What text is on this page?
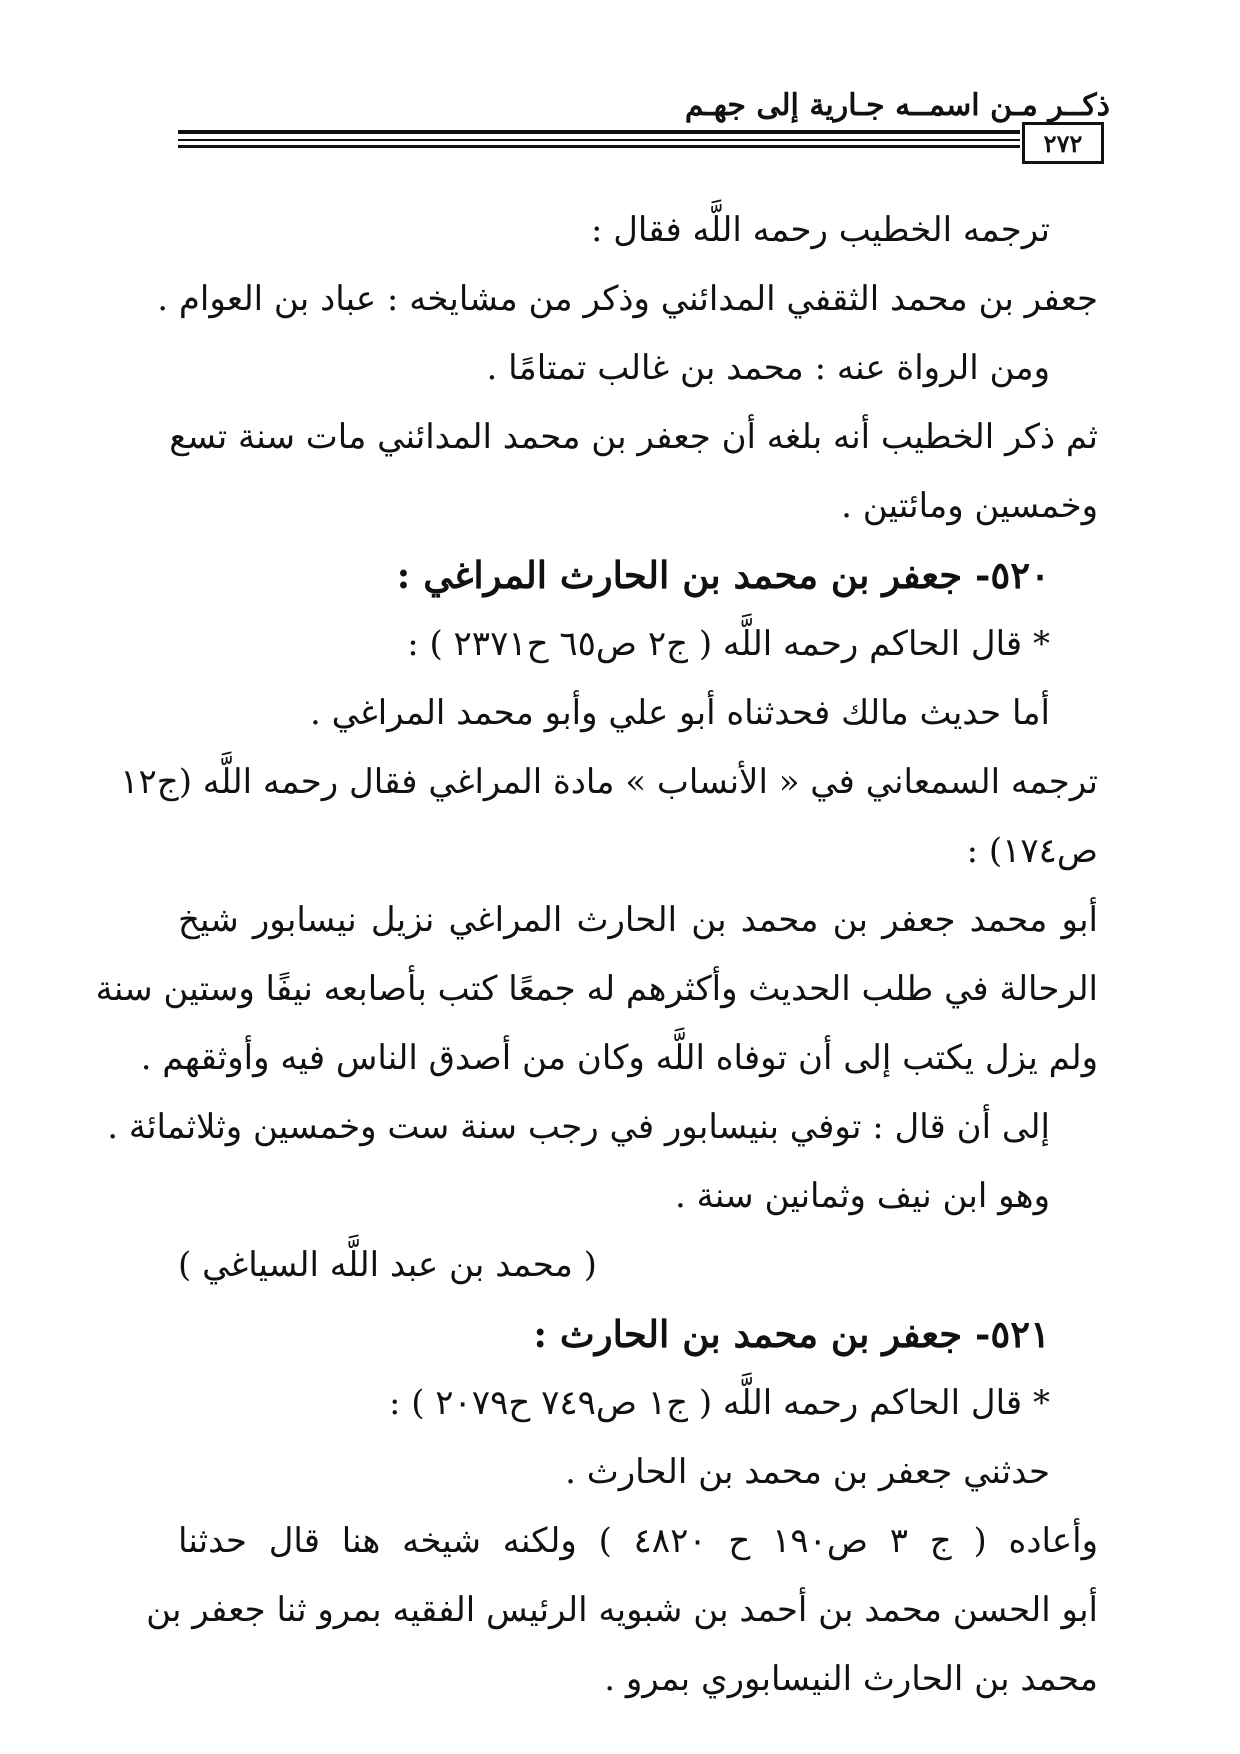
ذكــر مـن اسمــه جـارية إلى جهـم
٢٧٢
ترجمه الخطيب رحمه اللَّه فقال :
جعفر بن محمد الثقفي المدائني وذكر من مشايخه : عباد بن العوام .
ومن الرواة عنه : محمد بن غالب تمتامًا .
ثم ذكر الخطيب أنه بلغه أن جعفر بن محمد المدائني مات سنة تسع
وخمسين ومائتين .
٥٢٠- جعفر بن محمد بن الحارث المراغي :
* قال الحاكم رحمه اللَّه ( ج٢ ص٦٥ ح٢٣٧١ ) :
أما حديث مالك فحدثناه أبو علي وأبو محمد المراغي .
ترجمه السمعاني في « الأنساب » مادة المراغي فقال رحمه اللَّه (ج١٢
ص١٧٤) :
أبو محمد جعفر بن محمد بن الحارث المراغي نزيل نيسابور شيخ
الرحالة في طلب الحديث وأكثرهم له جمعًا كتب بأصابعه نيفًا وستين سنة
ولم يزل يكتب إلى أن توفاه اللَّه وكان من أصدق الناس فيه وأوثقهم .
إلى أن قال : توفي بنيسابور في رجب سنة ست وخمسين وثلاثمائة .
وهو ابن نيف وثمانين سنة .
( محمد بن عبد اللَّه السياغي )
٥٢١- جعفر بن محمد بن الحارث :
* قال الحاكم رحمه اللَّه ( ج١ ص٧٤٩ ح٢٠٧٩ ) :
حدثني جعفر بن محمد بن الحارث .
وأعاده ( ج ٣ ص١٩٠ ح ٤٨٢٠ ) ولكنه شيخه هنا قال حدثنا
أبو الحسن محمد بن أحمد بن شبويه الرئيس الفقيه بمرو ثنا جعفر بن
محمد بن الحارث النيسابوري بمرو .
